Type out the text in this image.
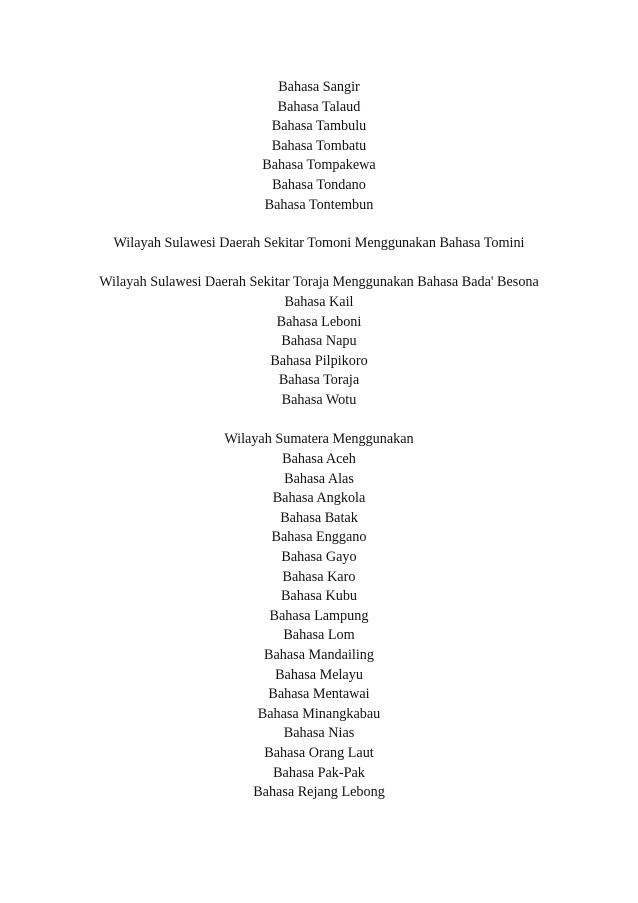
Bahasa Sangir
Bahasa Talaud
Bahasa Tambulu
Bahasa Tombatu
Bahasa Tompakewa
Bahasa Tondano
Bahasa Tontembun
Wilayah Sulawesi Daerah Sekitar Tomoni Menggunakan Bahasa Tomini
Wilayah Sulawesi Daerah Sekitar Toraja Menggunakan Bahasa Bada' Besona
Bahasa Kail
Bahasa Leboni
Bahasa Napu
Bahasa Pilpikoro
Bahasa Toraja
Bahasa Wotu
Wilayah Sumatera Menggunakan
Bahasa Aceh
Bahasa Alas
Bahasa Angkola
Bahasa Batak
Bahasa Enggano
Bahasa Gayo
Bahasa Karo
Bahasa Kubu
Bahasa Lampung
Bahasa Lom
Bahasa Mandailing
Bahasa Melayu
Bahasa Mentawai
Bahasa Minangkabau
Bahasa Nias
Bahasa Orang Laut
Bahasa Pak-Pak
Bahasa Rejang Lebong
